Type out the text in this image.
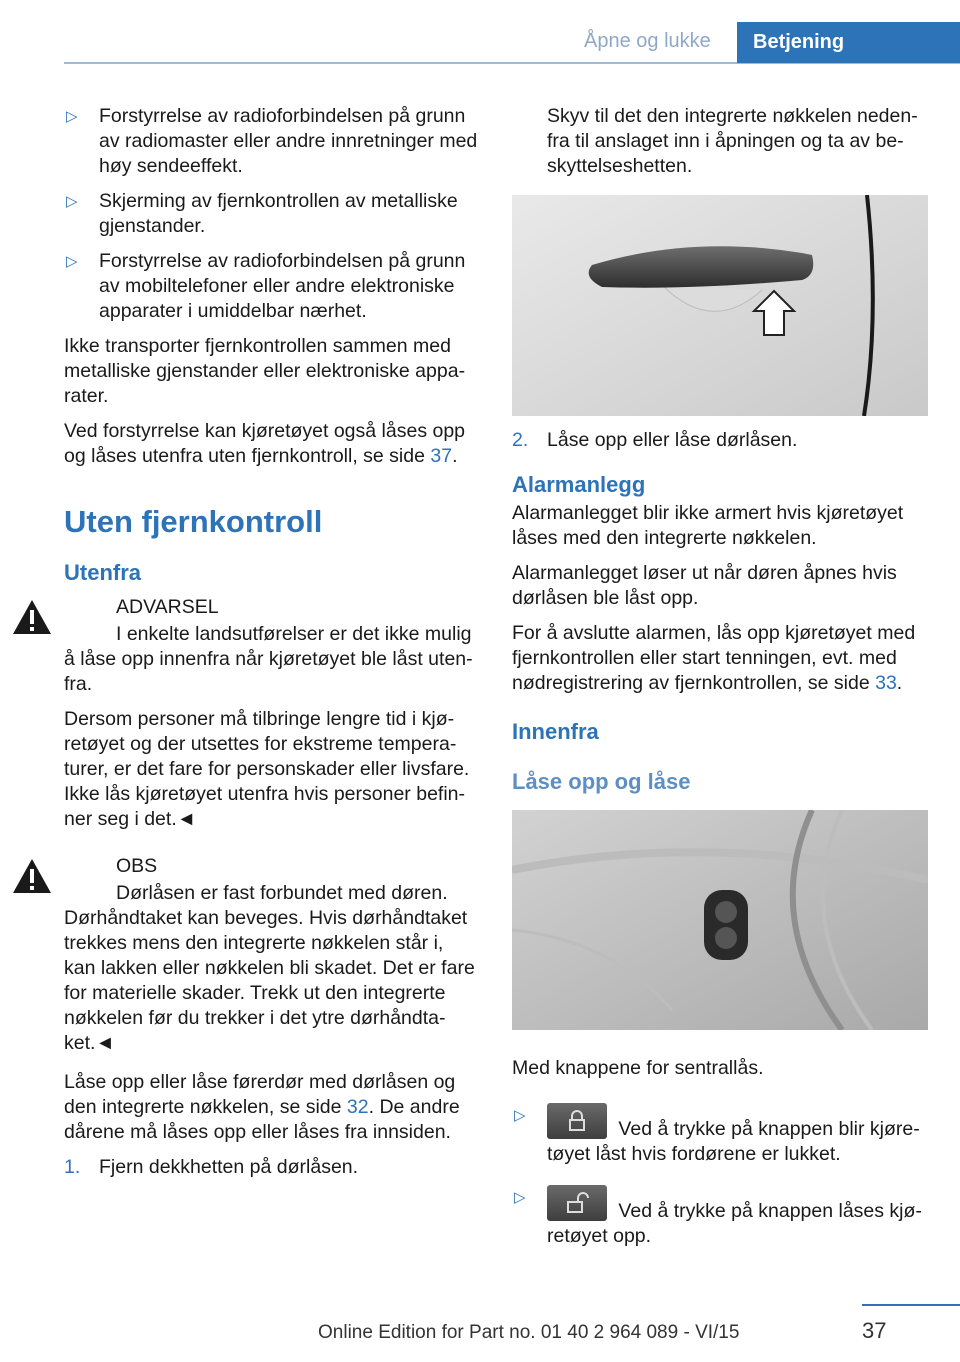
Åpne og lukke	Betjening
▷ Forstyrrelse av radioforbindelsen på grunn av radiomaster eller andre innretninger med høy sendeeffekt.
▷ Skjerming av fjernkontrollen av metalliske gjenstander.
▷ Forstyrrelse av radioforbindelsen på grunn av mobiltelefoner eller andre elektroniske apparater i umiddelbar nærhet.

Ikke transporter fjernkontrollen sammen med metalliske gjenstander eller elektroniske apparater.

Ved forstyrrelse kan kjøretøyet også låses opp og låses utenfra uten fjernkontroll, se side 37.

Uten fjernkontroll
Utenfra
ADVARSEL

I enkelte landsutførelser er det ikke mulig å låse opp innenfra når kjøretøyet ble låst utenfra.

Dersom personer må tilbringe lengre tid i kjøretøyet og der utsettes for ekstreme temperaturer, er det fare for personskader eller livsfare. Ikke lås kjøretøyet utenfra hvis personer befinner seg i det.◄

OBS

Dørlåsen er fast forbundet med døren. Dørhåndtaket kan beveges. Hvis dørhåndtaket trekkes mens den integrerte nøkkelen står i, kan lakken eller nøkkelen bli skadet. Det er fare for materielle skader. Trekk ut den integrerte nøkkelen før du trekker i det ytre dørhåndtaket.◄

Låse opp eller låse førerdør med dørlåsen og den integrerte nøkkelen, se side 32. De andre dårene må låses opp eller låses fra innsiden.

1. Fjern dekkhetten på dørlåsen.

Skyv til det den integrerte nøkkelen nedenfra til anslaget inn i åpningen og ta av beskyttelseshetten.

2. Låse opp eller låse dørlåsen.
Alarmanlegg

Alarmanlegget blir ikke armert hvis kjøretøyet låses med den integrerte nøkkelen.

Alarmanlegget løser ut når døren åpnes hvis dørlåsen ble låst opp.

For å avslutte alarmen, lås opp kjøretøyet med fjernkontrollen eller start tenningen, evt. med nødregistrering av fjernkontrollen, se side 33.

Innenfra
Låse opp og låse

Med knappene for sentrallås.

▷
Ved å trykke på knappen blir kjøretøyet låst hvis fordørene er lukket.
▷
Ved å trykke på knappen låses kjøretøyet opp.
37
Online Edition for Part no. 01 40 2 964 089 - VI/15
